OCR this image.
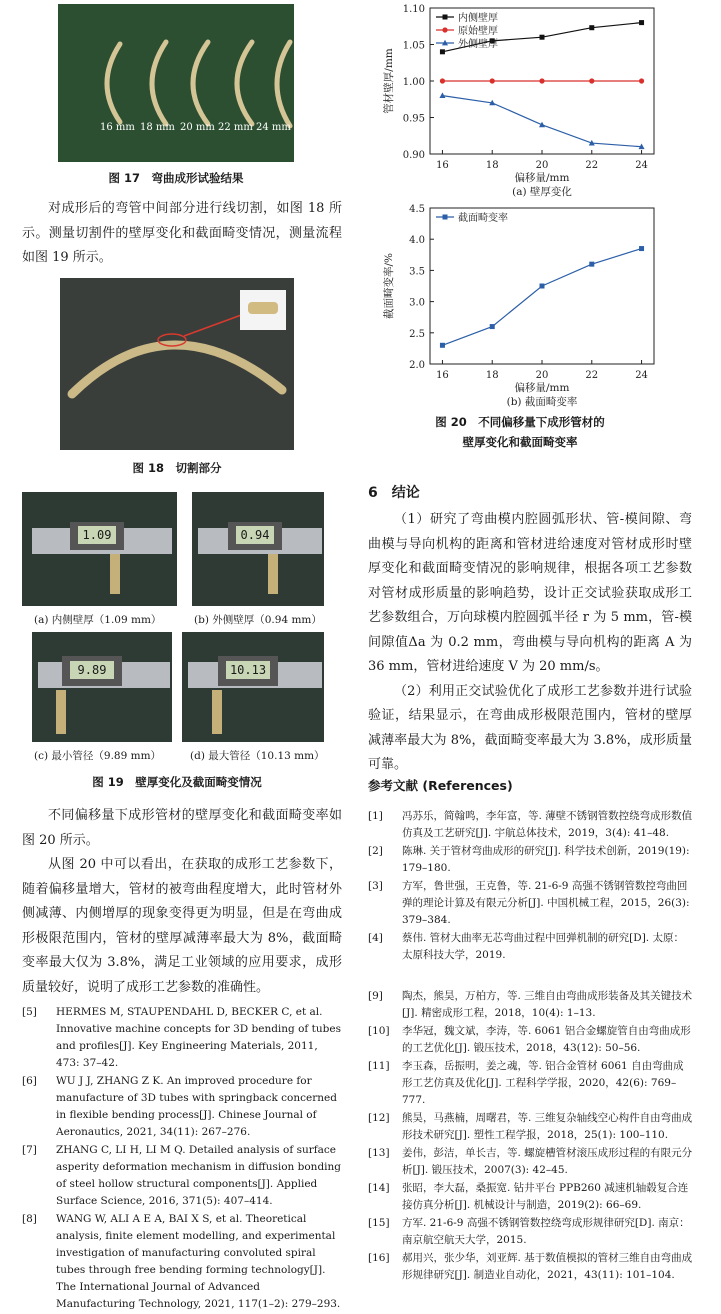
16 mm 18 mm 20 mm 22 mm 24 mm
图 17　弯曲成形试验结果

对成形后的弯管中间部分进行线切割，如图 18 所示。测量切割件的壁厚变化和截面畸变情况，测量流程如图 19 所示。

图 18　切割部分
1.09
(a) 内侧壁厚（1.09 mm）
0.94
(b) 外侧壁厚（0.94 mm）
9.89
(c) 最小管径（9.89 mm）
10.13
(d) 最大管径（10.13 mm）
图 19　壁厚变化及截面畸变情况

不同偏移量下成形管材的壁厚变化和截面畸变率如图 20 所示。

从图 20 中可以看出，在获取的成形工艺参数下，随着偏移量增大，管材的被弯曲程度增大，此时管材外侧减薄、内侧增厚的现象变得更为明显，但是在弯曲成形极限范围内，管材的壁厚减薄率最大为 8%，截面畸变率最大仅为 3.8%，满足工业领域的应用要求，成形质量较好，说明了成形工艺参数的准确性。

0.90
0.95
1.00
1.05
1.10
16	18	20	22	24
偏移量/mm
(a) 壁厚变化
管材壁厚/mm
内侧壁厚
原始壁厚
外侧壁厚
2.0
2.5
3.0
3.5
4.0
4.5
16	18	20	22	24
偏移量/mm
(b) 截面畸变率
截面畸变率/%
截面畸变率
图 20　不同偏移量下成形管材的
壁厚变化和截面畸变率
6　结论

（1）研究了弯曲模内腔圆弧形状、管-模间隙、弯曲模与导向机构的距离和管材进给速度对管材成形时壁厚变化和截面畸变情况的影响规律，根据各项工艺参数对管材成形质量的影响趋势，设计正交试验获取成形工艺参数组合，万向球模内腔圆弧半径 r 为 5 mm，管-模间隙值Δa 为 0.2 mm，弯曲模与导向机构的距离 A 为 36 mm，管材进给速度 V 为 20 mm/s。

（2）利用正交试验优化了成形工艺参数并进行试验验证，结果显示，在弯曲成形极限范围内，管材的壁厚减薄率最大为 8%，截面畸变率最大为 3.8%，成形质量可靠。

参考文献 (References)
[1]	冯苏乐，简翰鸣，李年富，等. 薄壁不锈钢管数控绕弯成形数值仿真及工艺研究[J]. 宇航总体技术，2019，3(4): 41–48.
[2]	陈琳. 关于管材弯曲成形的研究[J]. 科学技术创新，2019(19): 179–180.
[3]	方军，鲁世强，王克鲁，等. 21-6-9 高强不锈钢管数控弯曲回弹的理论计算及有限元分析[J]. 中国机械工程，2015，26(3): 379–384.
[4]	蔡伟. 管材大曲率无芯弯曲过程中回弹机制的研究[D]. 太原：太原科技大学，2019.
[5]	HERMES M, STAUPENDAHL D, BECKER C, et al. Innovative machine concepts for 3D bending of tubes and profiles[J]. Key Engineering Materials, 2011, 473: 37–42.
[6]	WU J J, ZHANG Z K. An improved procedure for manufacture of 3D tubes with springback concerned in flexible bending process[J]. Chinese Journal of Aeronautics, 2021, 34(11): 267–276.
[7]	ZHANG C, LI H, LI M Q. Detailed analysis of surface asperity deformation mechanism in diffusion bonding of steel hollow structural components[J]. Applied Surface Science, 2016, 371(5): 407–414.
[8]	WANG W, ALI A E A, BAI X S, et al. Theoretical analysis, finite element modelling, and experimental investigation of manufacturing convoluted spiral tubes through free bending forming technology[J]. The International Journal of Advanced Manufacturing Technology, 2021, 117(1–2): 279–293.
[9]	陶杰，熊昊，万柏方，等. 三维自由弯曲成形装备及其关键技术[J]. 精密成形工程，2018，10(4): 1–13.
[10]	李华冠，魏文斌，李涛，等. 6061 铝合金螺旋管自由弯曲成形的工艺优化[J]. 锻压技术，2018，43(12): 50–56.
[11]	李玉森，岳振明，姜之魂，等. 铝合金管材 6061 自由弯曲成形工艺仿真及优化[J]. 工程科学学报，2020，42(6): 769–777.
[12]	熊昊，马燕楠，周曙君，等. 三维复杂轴线空心构件自由弯曲成形技术研究[J]. 塑性工程学报，2018，25(1): 100–110.
[13]	姜伟，彭洁，单长吉，等. 螺旋槽管材滚压成形过程的有限元分析[J]. 锻压技术，2007(3): 42–45.
[14]	张昭，李大磊，桑振宽. 钻井平台 PPB260 减速机轴毂复合连接仿真分析[J]. 机械设计与制造，2019(2): 66–69.
[15]	方军. 21-6-9 高强不锈钢管数控绕弯成形规律研究[D]. 南京：南京航空航天大学，2015.
[16]	郝用兴，张少华，刘亚辉. 基于数值模拟的管材三维自由弯曲成形规律研究[J]. 制造业自动化，2021，43(11): 101–104.
